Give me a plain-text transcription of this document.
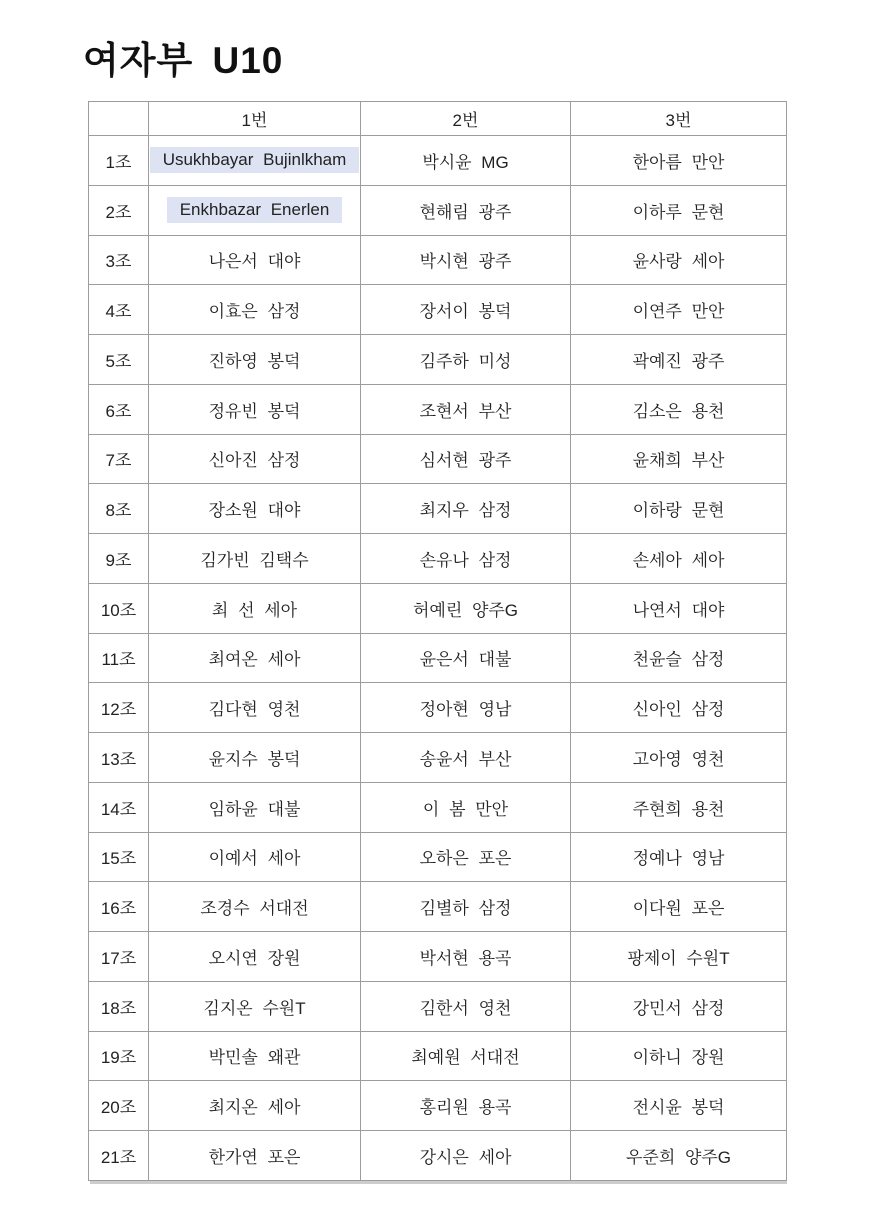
여자부 U10
	1번	2번	3번
1조	Usukhbayar Bujinlkham	박시윤 MG	한아름 만안
2조	Enkhbazar Enerlen	현해림 광주	이하루 문현
3조	나은서 대야	박시현 광주	윤사랑 세아
4조	이효은 삼정	장서이 봉덕	이연주 만안
5조	진하영 봉덕	김주하 미성	곽예진 광주
6조	정유빈 봉덕	조현서 부산	김소은 용천
7조	신아진 삼정	심서현 광주	윤채희 부산
8조	장소원 대야	최지우 삼정	이하랑 문현
9조	김가빈 김택수	손유나 삼정	손세아 세아
10조	최 선 세아	허예린 양주G	나연서 대야
11조	최여온 세아	윤은서 대불	천윤슬 삼정
12조	김다현 영천	정아현 영남	신아인 삼정
13조	윤지수 봉덕	송윤서 부산	고아영 영천
14조	임하윤 대불	이 봄 만안	주현희 용천
15조	이예서 세아	오하은 포은	정예나 영남
16조	조경수 서대전	김별하 삼정	이다원 포은
17조	오시연 장원	박서현 용곡	팡제이 수원T
18조	김지온 수원T	김한서 영천	강민서 삼정
19조	박민솔 왜관	최예원 서대전	이하니 장원
20조	최지온 세아	홍리원 용곡	전시윤 봉덕
21조	한가연 포은	강시은 세아	우준희 양주G
